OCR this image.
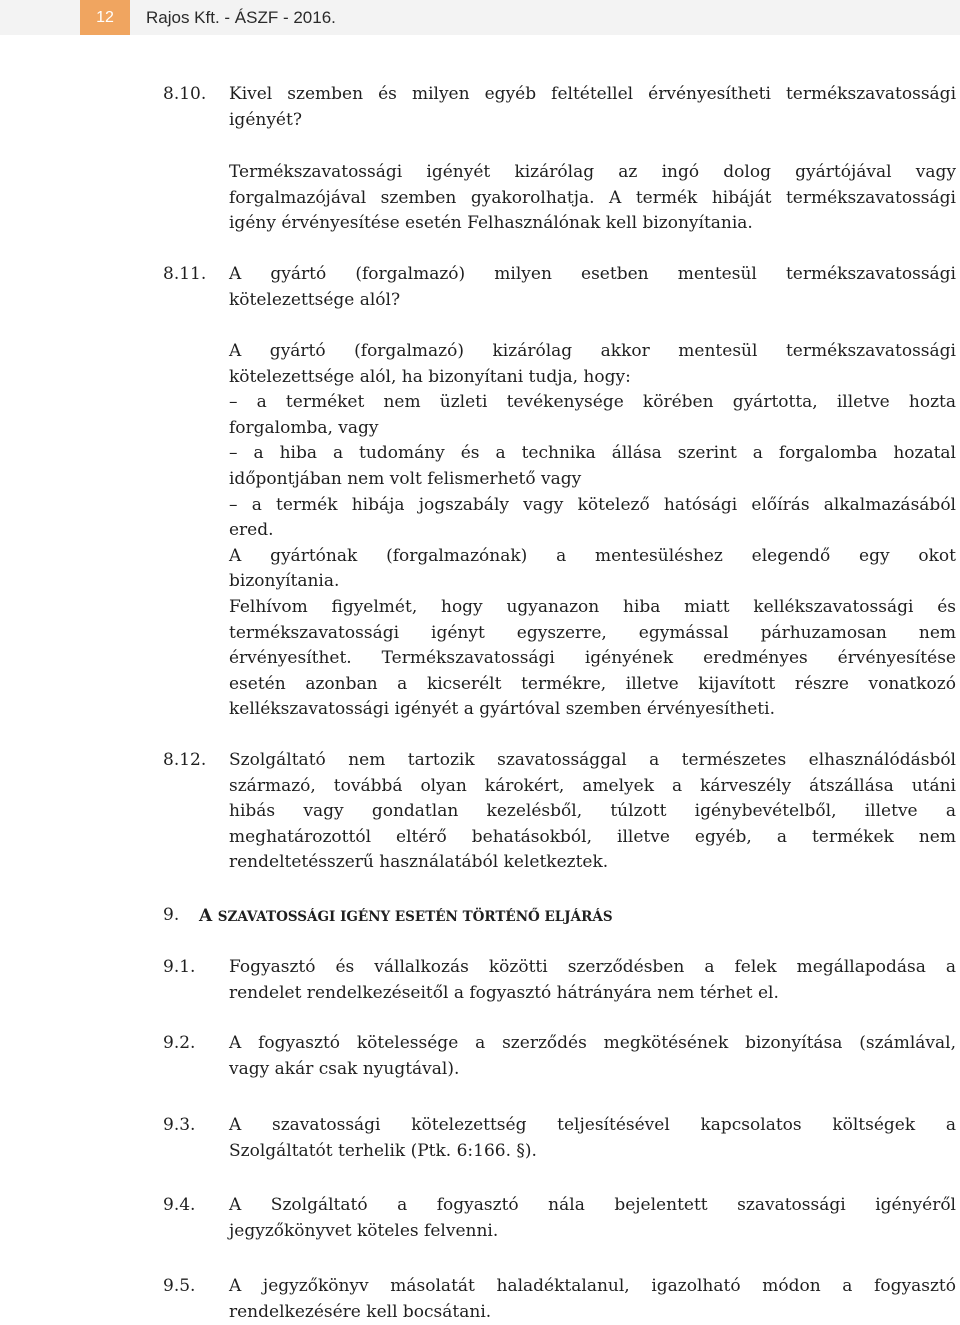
12	Rajos Kft. - ÁSZF - 2016.
8.10. Kivel szemben és milyen egyéb feltétellel érvényesítheti termékszavatossági
igényét?
Termékszavatossági igényét kizárólag az ingó dolog gyártójával vagy
forgalmazójával szemben gyakorolhatja. A termék hibáját termékszavatossági
igény érvényesítése esetén Felhasználónak kell bizonyítania.
8.11. A gyártó (forgalmazó) milyen esetben mentesül termékszavatossági
kötelezettsége alól?
A gyártó (forgalmazó) kizárólag akkor mentesül termékszavatossági
kötelezettsége alól, ha bizonyítani tudja, hogy:
– a terméket nem üzleti tevékenysége körében gyártotta, illetve hozta
forgalomba, vagy
– a hiba a tudomány és a technika állása szerint a forgalomba hozatal
időpontjában nem volt felismerhető vagy
– a termék hibája jogszabály vagy kötelező hatósági előírás alkalmazásából
ered.
A gyártónak (forgalmazónak) a mentesüléshez elegendő egy okot
bizonyítania.
Felhívom figyelmét, hogy ugyanazon hiba miatt kellékszavatossági és
termékszavatossági igényt egyszerre, egymással párhuzamosan nem
érvényesíthet. Termékszavatossági igényének eredményes érvényesítése
esetén azonban a kicserélt termékre, illetve kijavított részre vonatkozó
kellékszavatossági igényét a gyártóval szemben érvényesítheti.
8.12. Szolgáltató nem tartozik szavatossággal a természetes elhasználódásból
származó, továbbá olyan károkért, amelyek a kárveszély átszállása utáni
hibás vagy gondatlan kezelésből, túlzott igénybevételből, illetve a
meghatározottól eltérő behatásokból, illetve egyéb, a termékek nem
rendeltetésszerű használatából keletkeztek.
9. A SZAVATOSSÁGI IGÉNY ESETÉN TÖRTÉNŐ ELJÁRÁS
9.1. Fogyasztó és vállalkozás közötti szerződésben a felek megállapodása a
rendelet rendelkezéseitől a fogyasztó hátrányára nem térhet el.
9.2. A fogyasztó kötelessége a szerződés megkötésének bizonyítása (számlával,
vagy akár csak nyugtával).
9.3. A szavatossági kötelezettség teljesítésével kapcsolatos költségek a
Szolgáltatót terhelik (Ptk. 6:166. §).
9.4. A Szolgáltató a fogyasztó nála bejelentett szavatossági igényéről
jegyzőkönyvet köteles felvenni.
9.5. A jegyzőkönyv másolatát haladéktalanul, igazolható módon a fogyasztó
rendelkezésére kell bocsátani.
